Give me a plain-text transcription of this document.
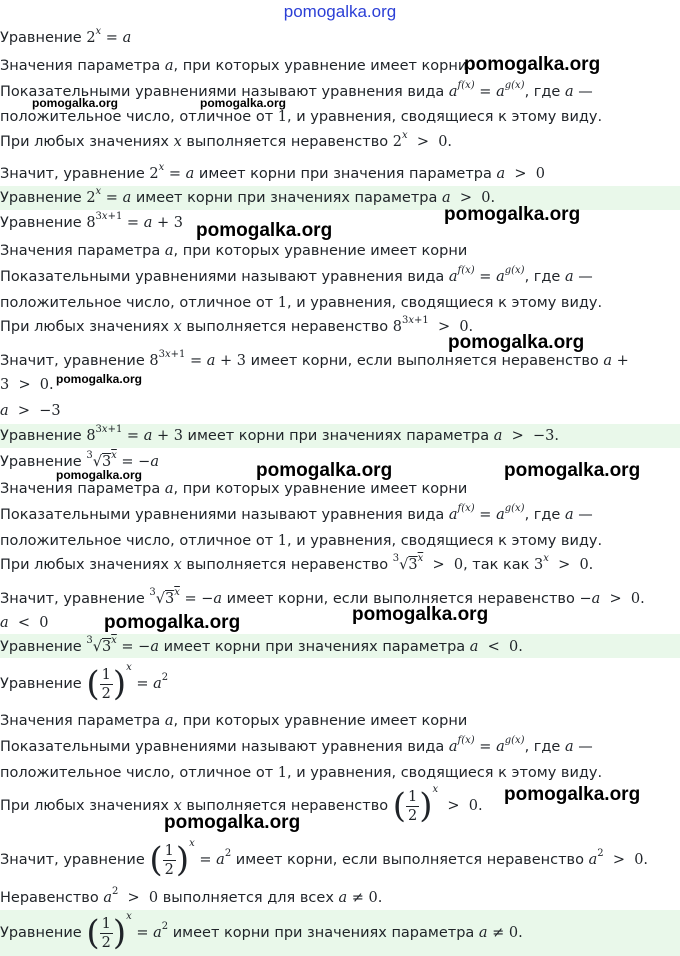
pomogalka.org
Уравнение $2^x = a$
Значения параметра a, при которых уравнение имеет корни
Показательными уравнениями называют уравнения вида $a^{f(x)} = a^{g(x)}$, где a —
положительное число, отличное от 1, и уравнения, сводящиеся к этому виду.
При любых значениях x выполняется неравенство 2$^x$  >  0.
Значит, уравнение $2^x = a$ имеет корни при значения параметра a  >  0
Уравнение $2^x = a$ имеет корни при значениях параметра a  >  0.
Уравнение $8^{3x+1} = a + 3$
Значения параметра a, при которых уравнение имеет корни
Показательными уравнениями называют уравнения вида $a^{f(x)} = a^{g(x)}$, где a —
положительное число, отличное от 1, и уравнения, сводящиеся к этому виду.
При любых значениях x выполняется неравенство $8^{3x+1} > 0$.
Значит, уравнение $8^{3x+1} = a + 3$ имеет корни, если выполняется неравенство a +
3  >  0.
a  >  −3
Уравнение $8^{3x+1} = a + 3$ имеет корни при значениях параметра a  >  −3.
Уравнение $^3√3^x = -a$
Значения параметра a, при которых уравнение имеет корни
Показательными уравнениями называют уравнения вида $a^{f(x)} = a^{g(x)}$, где a —
положительное число, отличное от 1, и уравнения, сводящиеся к этому виду.
При любых значениях x выполняется неравенство $^3$√3$^x$  >  0, так как 3$^x$  >  0.
Значит, уравнение $^3√3^x = -a$ имеет корни, если выполняется неравенство −a  >  0.
a  <  0
Уравнение $^3√3^x = -a$ имеет корни при значениях параметра a  <  0.
Уравнение ( $\frac{1}{2} )^x = a^2$
Значения параметра a, при которых уравнение имеет корни
Показательными уравнениями называют уравнения вида $a^{f(x)} = a^{g(x)}$, где a —
положительное число, отличное от 1, и уравнения, сводящиеся к этому виду.
При любых значениях x выполняется неравенство ( $\frac{1}{2} )^x > 0$.
Значит, уравнение ( $\frac{1}{2} )^x = a^2$ имеет корни, если выполняется неравенство $a^2 > 0$.
Неравенство $a^2 > 0$ выполняется для всех a ≠ 0.
Уравнение ( $\frac{1}{2} )^x = a^2$ имеет корни при значениях параметра a ≠ 0.
pomogalka.org
pomogalka.org	pomogalka.org
pomogalka.org
pomogalka.org
pomogalka.org
pomogalka.org
pomogalka.org	pomogalka.org
pomogalka.org
pomogalka.org
pomogalka.org
pomogalka.org
pomogalka.org
